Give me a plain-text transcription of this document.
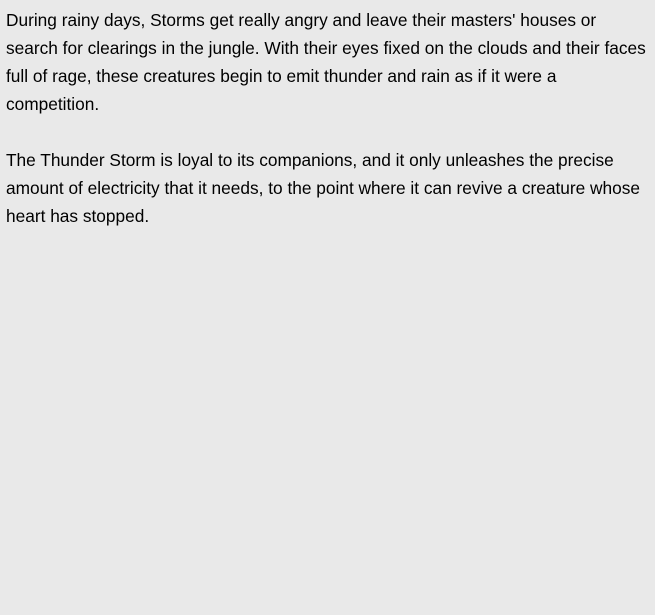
During rainy days, Storms get really angry and leave their masters' houses or search for clearings in the jungle. With their eyes fixed on the clouds and their faces full of rage, these creatures begin to emit thunder and rain as if it were a competition.

The Thunder Storm is loyal to its companions, and it only unleashes the precise amount of electricity that it needs, to the point where it can revive a creature whose heart has stopped.
